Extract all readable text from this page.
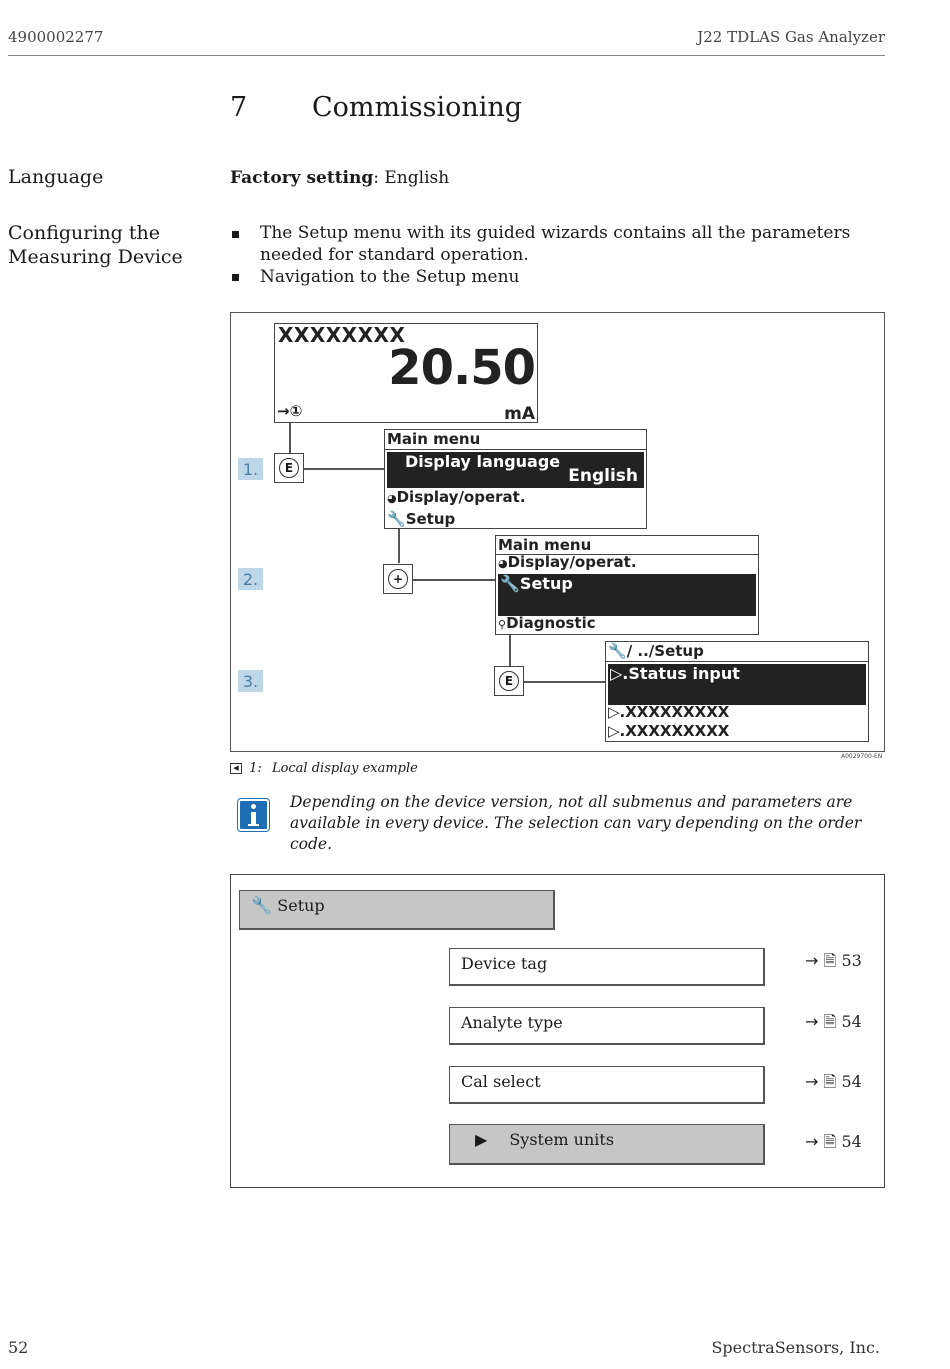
4900002277	J22 TDLAS Gas Analyzer
7 Commissioning
Language	Factory setting: English
Configuring the
Measuring Device
The Setup menu with its guided wizards contains all the parameters needed for standard operation.
Navigation to the Setup menu
XXXXXXXX
20.50
→①	mA
1.	E
Main menu
Display language
English
◕Display/operat.
🔧Setup
2.	+
Main menu
◕Display/operat.
🔧Setup
⚲Diagnostic
3.	E
🔧/ ../Setup
▷.Status input
▷.XXXXXXXXX
▷.XXXXXXXXX
A0029700-EN
◀ 1: Local display example
Depending on the device version, not all submenus and parameters are available in every device. The selection can vary depending on the order code.
🔧 Setup
Device tag	→ 🗎 53
Analyte type	→ 🗎 54
Cal select	→ 🗎 54
▶ System units	→ 🗎 54
52	SpectraSensors, Inc.
